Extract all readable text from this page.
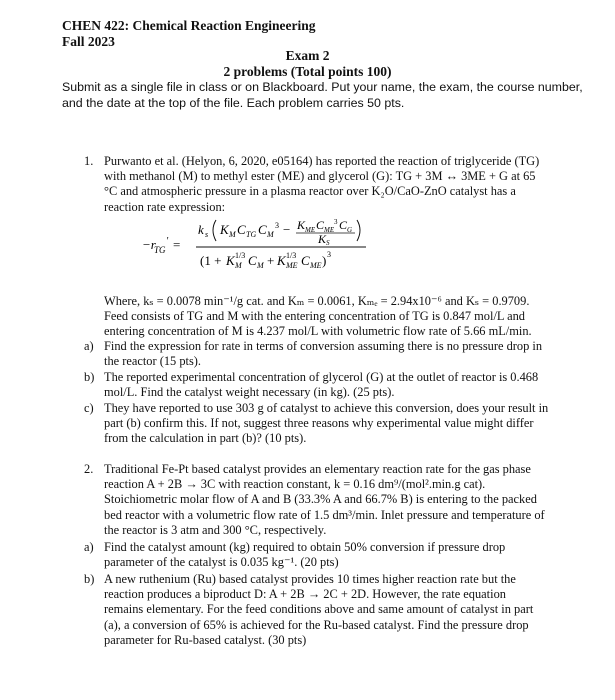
CHEN 422: Chemical Reaction Engineering
Fall 2023
Exam 2
2 problems (Total points 100)
Submit as a single file in class or on Blackboard. Put your name, the exam, the course number, and the date at the top of the file. Each problem carries 50 pts.
1. Purwanto et al. (Helyon, 6, 2020, e05164) has reported the reaction of triglyceride (TG)
with methanol (M) to methyl ester (ME) and glycerol (G): TG + 3M ↔ 3ME + G at 65
°C and atmospheric pressure in a plasma reactor over K₂O/CaO-ZnO catalyst has a
reaction rate expression:
−r
TG
′ =
k s K M C TG C M
3 − K ME C ME
3 C G
K S
(1 + K M
1/3 C M + K ME
1/3 C ME ) 3
Where, kₛ = 0.0078 min⁻¹/g cat. and Kₘ = 0.0061, Kₘₑ = 2.94x10⁻⁶ and Kₛ = 0.9709.
Feed consists of TG and M with the entering concentration of TG is 0.847 mol/L and
entering concentration of M is 4.237 mol/L with volumetric flow rate of 5.66 mL/min.
a) Find the expression for rate in terms of conversion assuming there is no pressure drop in
the reactor (15 pts).
b) The reported experimental concentration of glycerol (G) at the outlet of reactor is 0.468
mol/L. Find the catalyst weight necessary (in kg). (25 pts).
c) They have reported to use 303 g of catalyst to achieve this conversion, does your result in
part (b) confirm this. If not, suggest three reasons why experimental value might differ
from the calculation in part (b)? (10 pts).
2. Traditional Fe-Pt based catalyst provides an elementary reaction rate for the gas phase
reaction A + 2B → 3C with reaction constant, k = 0.16 dm⁹/(mol².min.g cat).
Stoichiometric molar flow of A and B (33.3% A and 66.7% B) is entering to the packed
bed reactor with a volumetric flow rate of 1.5 dm³/min. Inlet pressure and temperature of
the reactor is 3 atm and 300 °C, respectively.
a) Find the catalyst amount (kg) required to obtain 50% conversion if pressure drop
parameter of the catalyst is 0.035 kg⁻¹. (20 pts)
b) A new ruthenium (Ru) based catalyst provides 10 times higher reaction rate but the
reaction produces a biproduct D: A + 2B → 2C + 2D. However, the rate equation
remains elementary. For the feed conditions above and same amount of catalyst in part
(a), a conversion of 65% is achieved for the Ru-based catalyst. Find the pressure drop
parameter for Ru-based catalyst. (30 pts)
